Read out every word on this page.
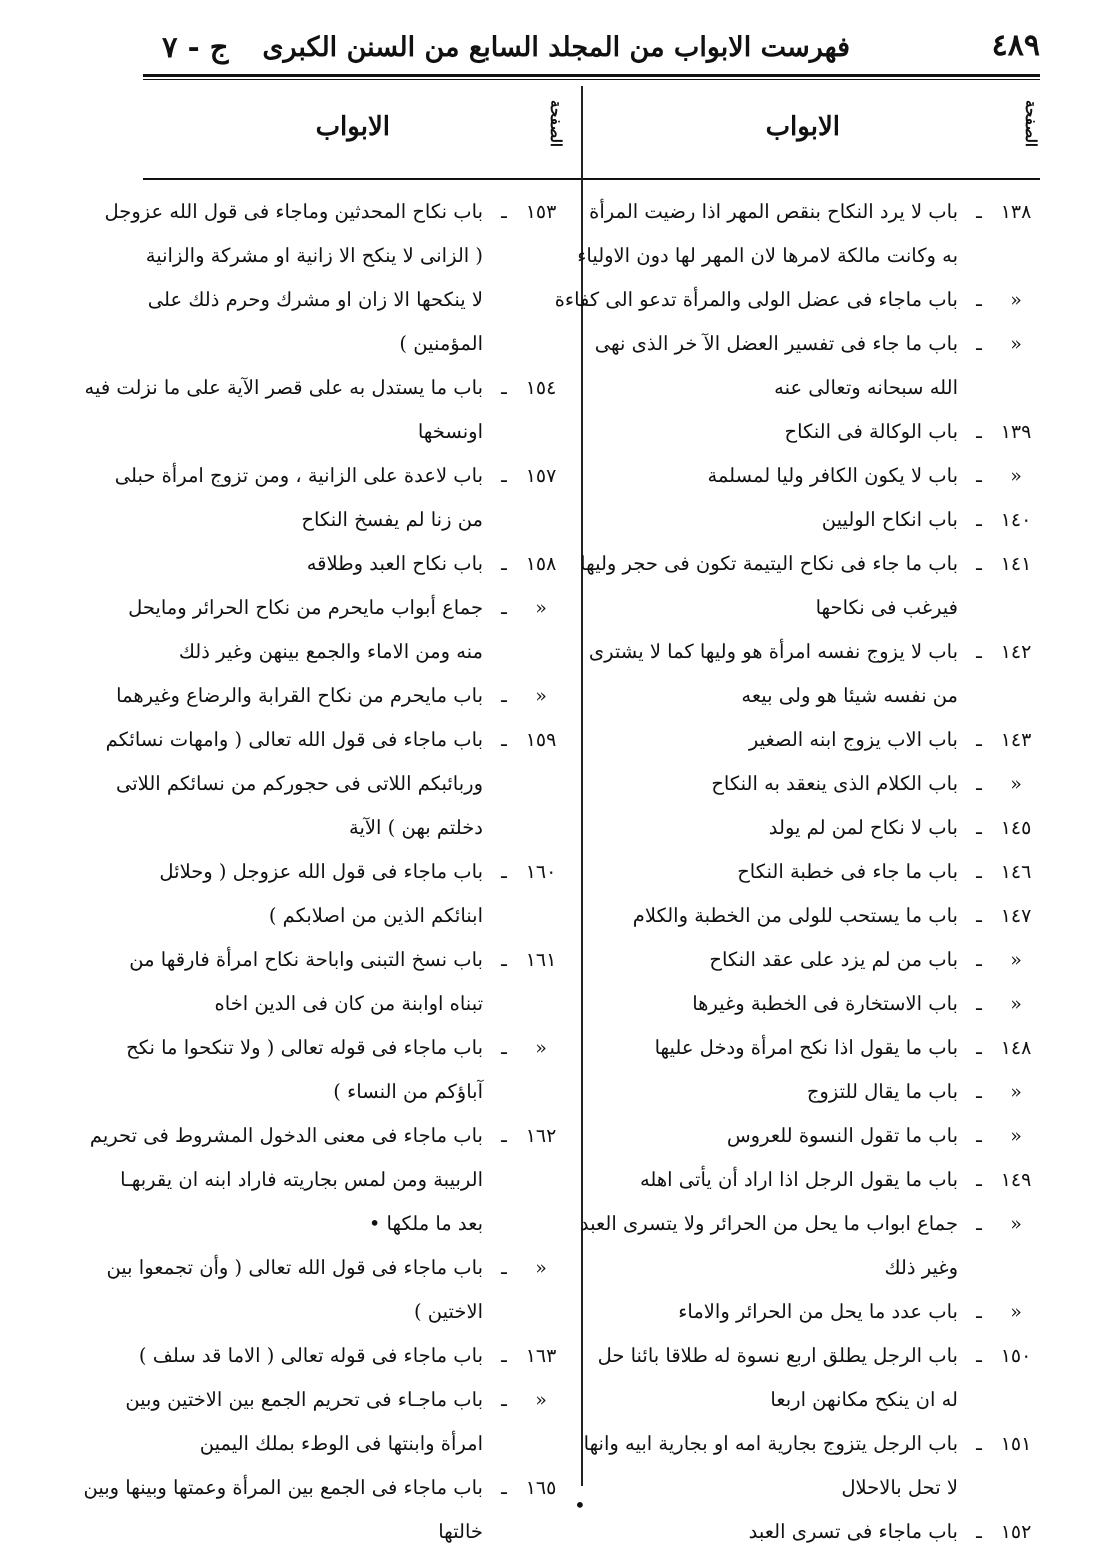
٤٨٩
فهرست الابواب من المجلد السابع من السنن الكبرى
ج - ٧
الصفحة
الابواب
الصفحة
الابواب
•
١٣٨
ـ
باب لا يرد النكاح بنقص المهر اذا رضيت المرأة
به وكانت مالكة لامرها لان المهر لها دون الاولياء
«
ـ
باب ماجاء فى عضل الولى والمرأة تدعو الى كفاءة
«
ـ
باب ما جاء فى تفسير العضل الآ خر الذى نهى
الله سبحانه وتعالى عنه
١٣٩
ـ
باب الوكالة فى النكاح
«
ـ
باب لا يكون الكافر وليا لمسلمة
١٤٠
ـ
باب انكاح الوليين
١٤١
ـ
باب ما جاء فى نكاح اليتيمة تكون فى حجر وليها
فيرغب فى نكاحها
١٤٢
ـ
باب لا يزوج نفسه امرأة هو وليها كما لا يشترى
من نفسه شيئا هو ولى بيعه
١٤٣
ـ
باب الاب يزوج ابنه الصغير
«
ـ
باب الكلام الذى ينعقد به النكاح
١٤٥
ـ
باب لا نكاح لمن لم يولد
١٤٦
ـ
باب ما جاء فى خطبة النكاح
١٤٧
ـ
باب ما يستحب للولى من الخطبة والكلام
«
ـ
باب من لم يزد على عقد النكاح
«
ـ
باب الاستخارة فى الخطبة وغيرها
١٤٨
ـ
باب ما يقول اذا نكح امرأة ودخل عليها
«
ـ
باب ما يقال للتزوج
«
ـ
باب ما تقول النسوة للعروس
١٤٩
ـ
باب ما يقول الرجل اذا اراد أن يأتى اهله
«
ـ
جماع ابواب ما يحل من الحرائر ولا يتسرى العبد
وغير ذلك
«
ـ
باب عدد ما يحل من الحرائر والاماء
١٥٠
ـ
باب الرجل يطلق اربع نسوة له طلاقا بائنا حل
له ان ينكح مكانهن اربعا
١٥١
ـ
باب الرجل يتزوج بجارية امه او بجارية ابيه وانها
لا تحل بالاحلال
١٥٢
ـ
باب ماجاء فى تسرى العبد
١٥٣
ـ
باب نكاح المحدثين وماجاء فى قول الله عزوجل
( الزانى لا ينكح الا زانية او مشركة والزانية
لا ينكحها الا زان او مشرك وحرم ذلك على
المؤمنين )
١٥٤
ـ
باب ما يستدل به على قصر الآية على ما نزلت فيه
اونسخها
١٥٧
ـ
باب لاعدة على الزانية ، ومن تزوج امرأة حبلى
من زنا لم يفسخ النكاح
١٥٨
ـ
باب نكاح العبد وطلاقه
«
ـ
جماع أبواب مايحرم من نكاح الحرائر ومايحل
منه ومن الاماء والجمع بينهن وغير ذلك
«
ـ
باب مايحرم من نكاح القرابة والرضاع وغيرهما
١٥٩
ـ
باب ماجاء فى قول الله تعالى ( وامهات نسائكم
وربائبكم اللاتى فى حجوركم من نسائكم اللاتى
دخلتم بهن ) الآية
١٦٠
ـ
باب ماجاء فى قول الله عزوجل ( وحلائل
ابنائكم الذين من اصلابكم )
١٦١
ـ
باب نسخ التبنى واباحة نكاح امرأة فارقها من
تبناه اوابنة من كان فى الدين اخاه
«
ـ
باب ماجاء فى قوله تعالى ( ولا تنكحوا ما نكح
آباؤكم من النساء )
١٦٢
ـ
باب ماجاء فى معنى الدخول المشروط فى تحريم
الربيبة ومن لمس بجاريته فاراد ابنه ان يقربهـا
بعد ما ملكها •
«
ـ
باب ماجاء فى قول الله تعالى ( وأن تجمعوا بين
الاختين )
١٦٣
ـ
باب ماجاء فى قوله تعالى ( الاما قد سلف )
«
ـ
باب ماجـاء فى تحريم الجمع بين الاختين وبين
امرأة وابنتها فى الوطء بملك اليمين
١٦٥
ـ
باب ماجاء فى الجمع بين المرأة وعمتها وبينها وبين
خالتها
